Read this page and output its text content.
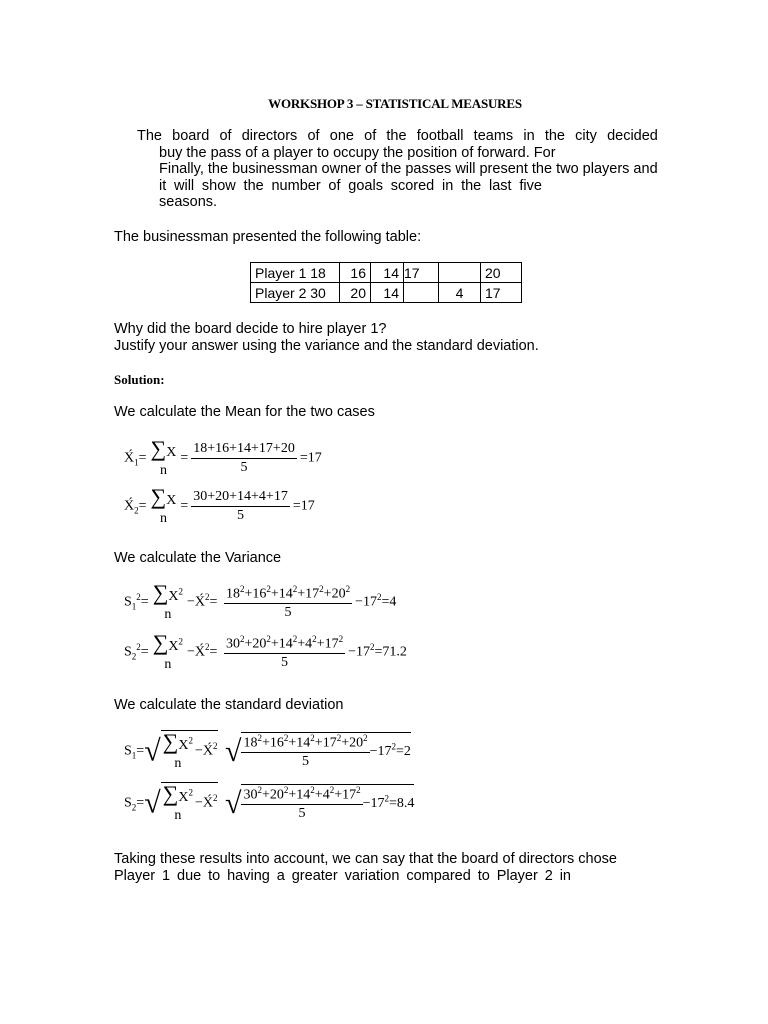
WORKSHOP 3 – STATISTICAL MEASURES
The board of directors of one of the football teams in the city decided
buy the pass of a player to occupy the position of forward. For
Finally, the businessman owner of the passes will present the two players and
it will show the number of goals scored in the last five
seasons.
The businessman presented the following table:
Player 1 18	16	14	17		20
Player 2 30	20	14		4	17
Why did the board decide to hire player 1?
Justify your answer using the variance and the standard deviation.
Solution:
We calculate the Mean for the two cases
$X́_1= \sum X$
n
= $\frac{18+16+14+17+20}{5} =17$
$X́_2= \sum X$
n
= $\frac{30+20+14+4+17}{5} =17$
We calculate the Variance
$S_1^2= \sum X^2$
n
−X́$^2$= $\frac{18^2+16^2+14^2+17^2+20^2}{5} -17^2=4$
$S_2^2= \sum X^2$
n
−X́$^2$= $\frac{30^2+20^2+14^2+4^2+17^2}{5} -17^2=71.2$
We calculate the standard deviation
$S_1=√$ $\sum X^2$
n
−X́$^2$ √ $\frac{18^2+16^2+14^2+17^2+20^2}{5} -17^2=2$
$S_2=√$ $\sum X^2$
n
−X́$^2$ √ $\frac{30^2+20^2+14^2+4^2+17^2}{5} -17^2=8.4$
Taking these results into account, we can say that the board of directors chose
Player 1 due to having a greater variation compared to Player 2 in
